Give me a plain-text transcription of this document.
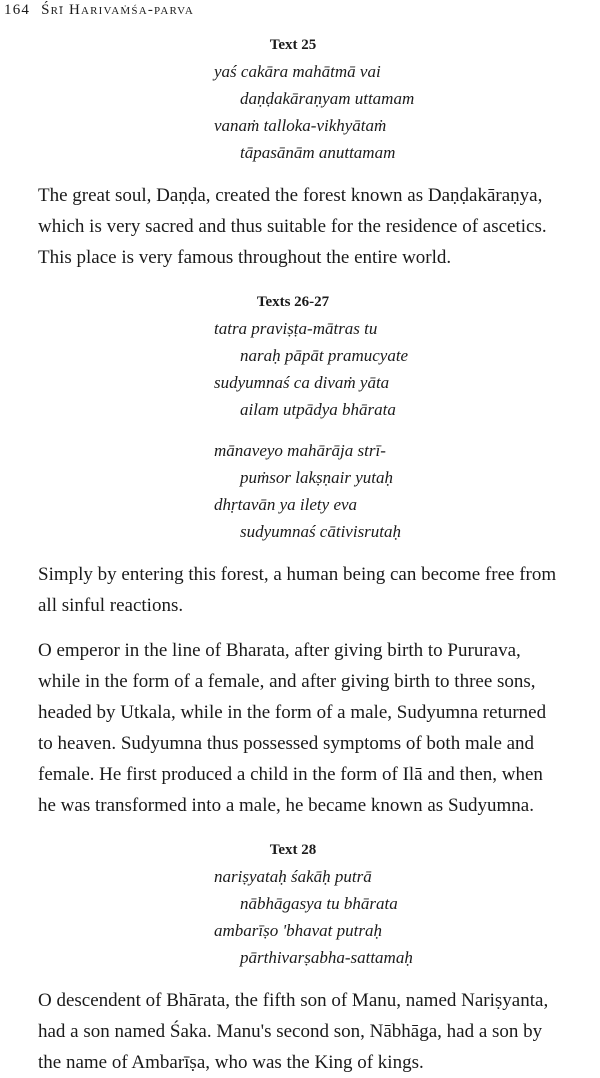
164 Śrī Harivaṁśa-parva
Text 25
yaś cakāra mahātmā vai
daṇḍakāraṇyam uttamam
vanaṁ talloka-vikhyātaṁ
tāpasānām anuttamam
The great soul, Daṇḍa, created the forest known as Daṇḍakāraṇya,
which is very sacred and thus suitable for the residence of ascetics.
This place is very famous throughout the entire world.
Texts 26-27
tatra praviṣṭa-mātras tu
naraḥ pāpāt pramucyate
sudyumnaś ca divaṁ yāta
ailam utpādya bhārata
mānaveyo mahārāja strī-
puṁsor lakṣṇair yutaḥ
dhṛtavān ya ilety eva
sudyumnaś cātivisrutaḥ
Simply by entering this forest, a human being can become free from
all sinful reactions.
O emperor in the line of Bharata, after giving birth to Pururava,
while in the form of a female, and after giving birth to three sons,
headed by Utkala, while in the form of a male, Sudyumna returned
to heaven. Sudyumna thus possessed symptoms of both male and
female. He first produced a child in the form of Ilā and then, when
he was transformed into a male, he became known as Sudyumna.
Text 28
nariṣyataḥ śakāḥ putrā
nābhāgasya tu bhārata
ambarīṣo 'bhavat putraḥ
pārthivarṣabha-sattamaḥ
O descendent of Bhārata, the fifth son of Manu, named Nariṣyanta,
had a son named Śaka. Manu's second son, Nābhāga, had a son by
the name of Ambarīṣa, who was the King of kings.
